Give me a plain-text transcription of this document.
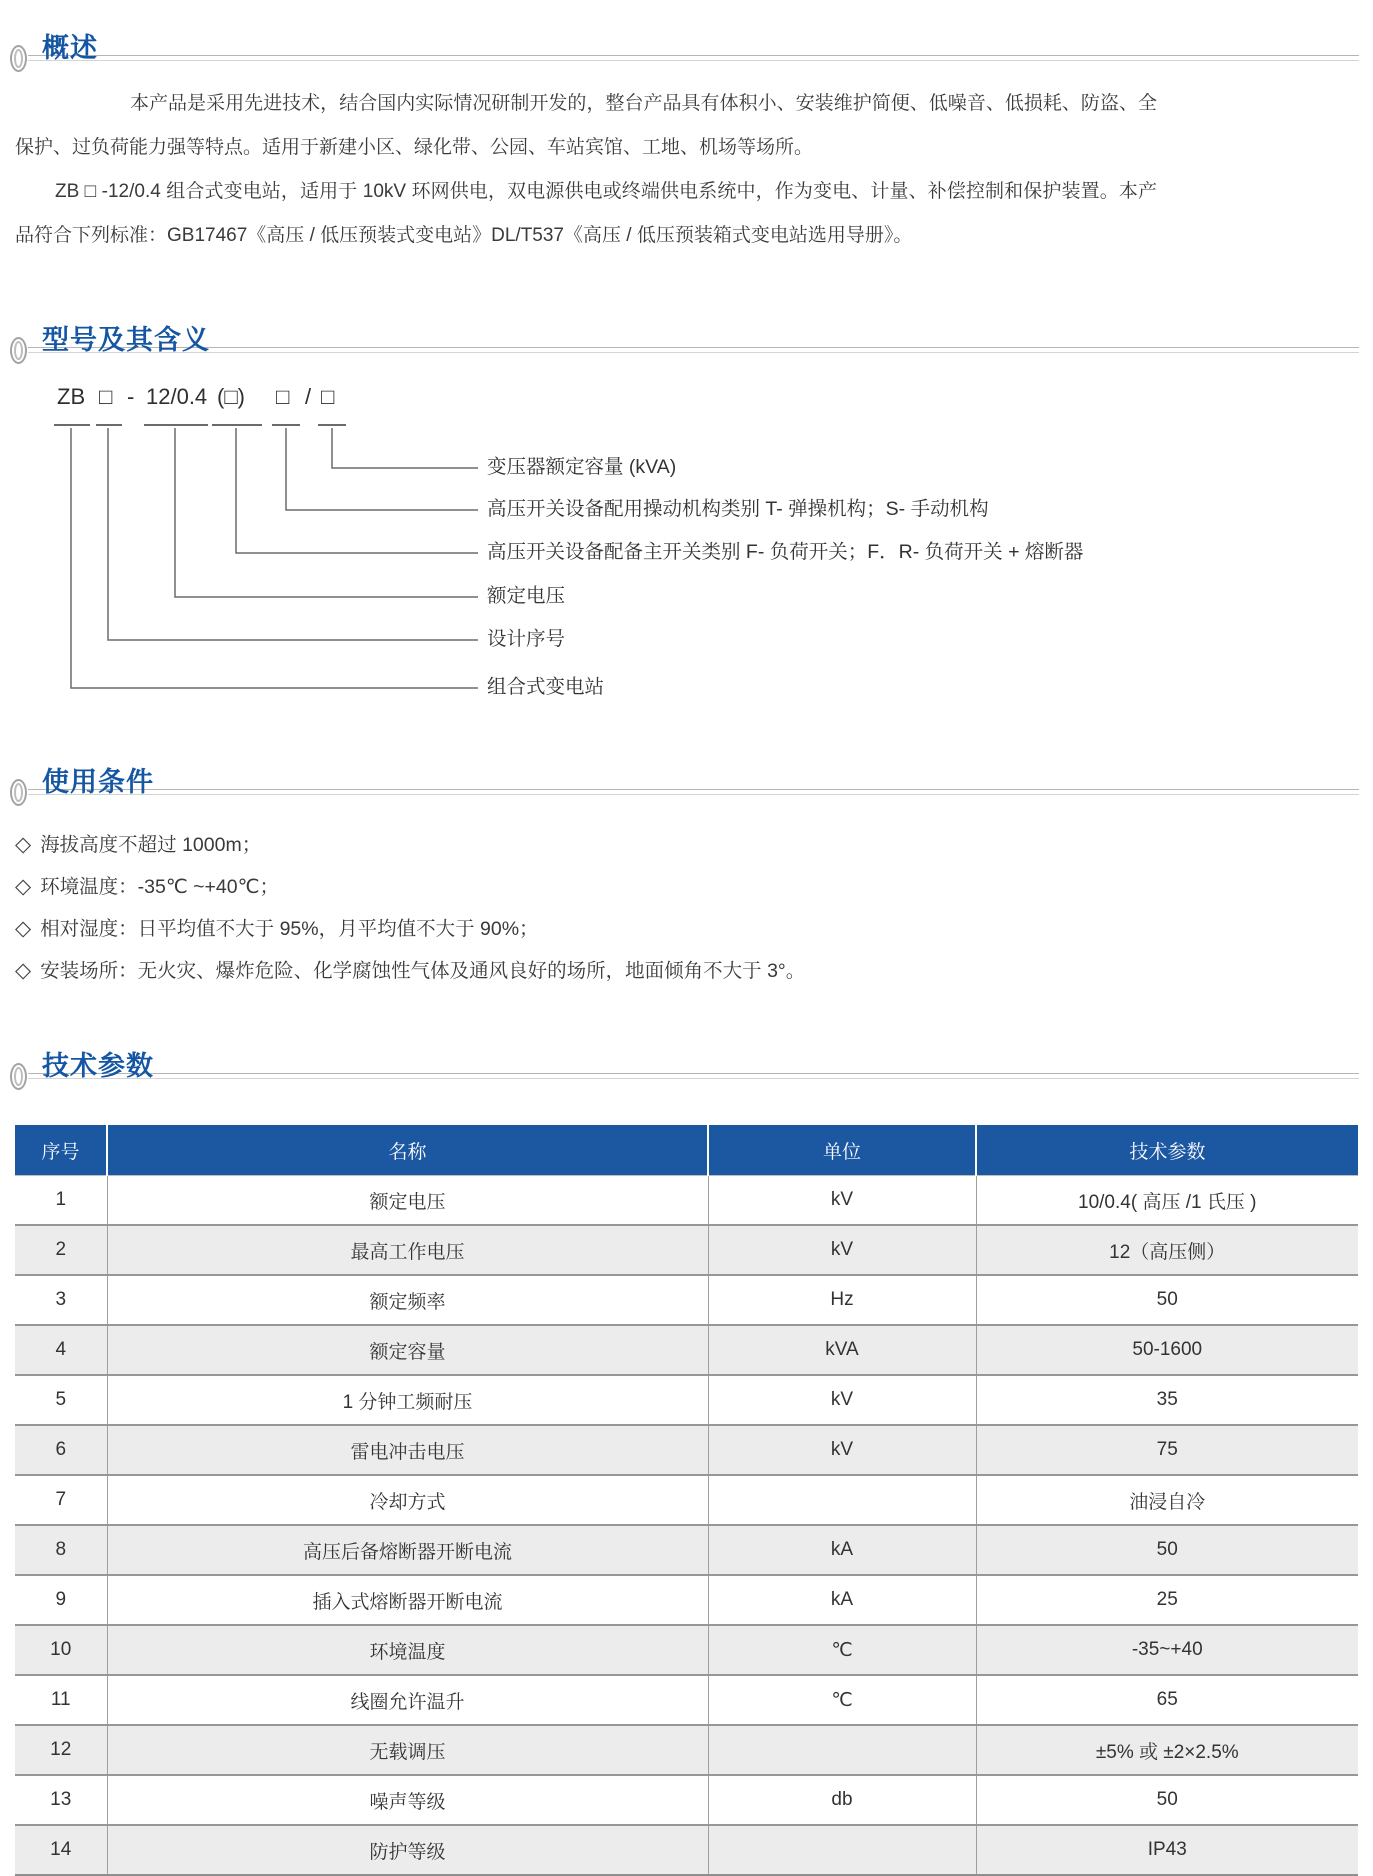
概述

本产品是采用先进技术，结合国内实际情况研制开发的，整台产品具有体积小、安装维护简便、低噪音、低损耗、防盗、全保护、过负荷能力强等特点。适用于新建小区、绿化带、公园、车站宾馆、工地、机场等场所。

ZB □ -12/0.4 组合式变电站，适用于 10kV 环网供电，双电源供电或终端供电系统中，作为变电、计量、补偿控制和保护装置。本产品符合下列标准：GB17467《高压 / 低压预装式变电站》DL/T537《高压 / 低压预装箱式变电站选用导册》。

型号及其含义
ZB □ - 12/0.4 (□) □ / □
变压器额定容量 (kVA)
高压开关设备配用操动机构类别 T- 弹操机构；S- 手动机构
高压开关设备配备主开关类别 F- 负荷开关；F．R- 负荷开关 + 熔断器
额定电压
设计序号
组合式变电站
使用条件
◇ 海拔高度不超过 1000m；
◇ 环境温度：-35℃ ~+40℃；
◇ 相对湿度：日平均值不大于 95%，月平均值不大于 90%；
◇ 安装场所：无火灾、爆炸危险、化学腐蚀性气体及通风良好的场所，地面倾角不大于 3°。
技术参数
序号	名称	单位	技术参数
1	额定电压	kV	10/0.4( 高压 /1 氏压 )
2	最高工作电压	kV	12（高压侧）
3	额定频率	Hz	50
4	额定容量	kVA	50-1600
5	1 分钟工频耐压	kV	35
6	雷电冲击电压	kV	75
7	冷却方式		油浸自冷
8	高压后备熔断器开断电流	kA	50
9	插入式熔断器开断电流	kA	25
10	环境温度	℃	-35~+40
11	线圈允许温升	℃	65
12	无载调压		±5% 或 ±2×2.5%
13	噪声等级	db	50
14	防护等级		IP43
